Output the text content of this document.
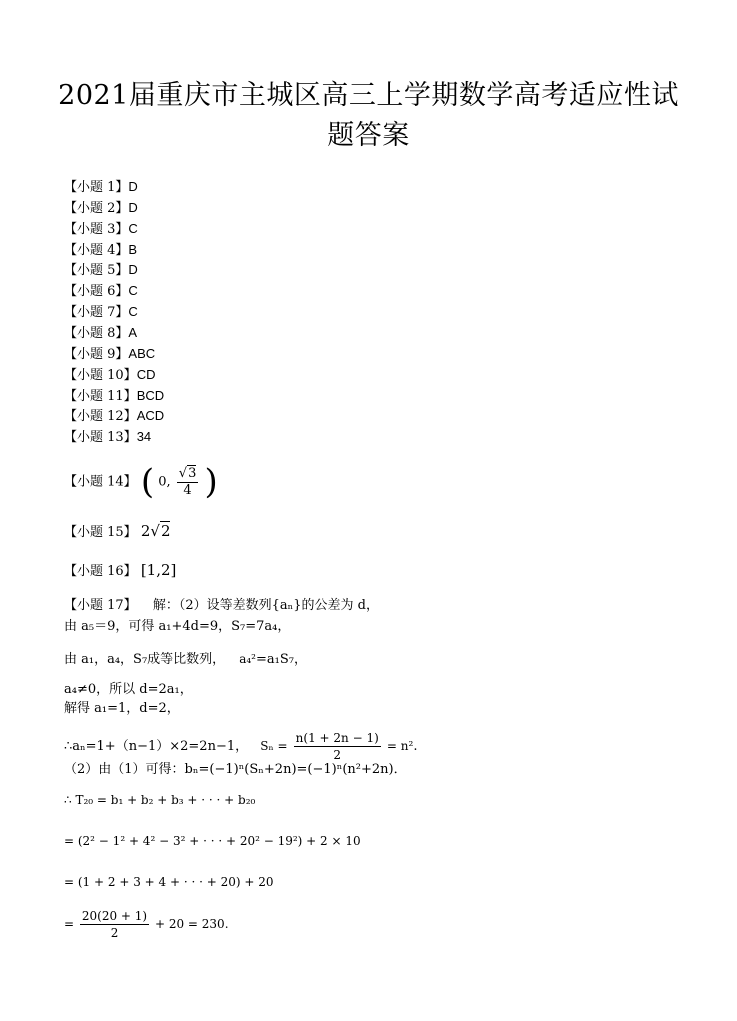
2021届重庆市主城区高三上学期数学高考适应性试
题答案
【小题 1】D
【小题 2】D
【小题 3】C
【小题 4】B
【小题 5】D
【小题 6】C
【小题 7】C
【小题 8】A
【小题 9】ABC
【小题 10】CD
【小题 11】BCD
【小题 12】ACD
【小题 13】34
【小题 14】 ( 0, $\frac{√3}{4}$ )
【小题 15】 2√2
【小题 16】 [1,2]
【小题 17】 解：（2）设等差数列{aₙ}的公差为 d，
由 a₅＝9，可得 a₁+4d=9，S₇=7a₄，
由 a₁，a₄，S₇成等比数列， a₄²=a₁S₇，
a₄≠0，所以 d=2a₁，
解得 a₁=1，d=2，
∴aₙ=1+（n−1）×2=2n−1， $S_n = \frac{n(1 + 2n - 1)}{2} = n^2$.
（2）由（1）可得：bₙ=(−1)ⁿ(Sₙ+2n)=(−1)ⁿ(n²+2n)．
∴ T₂₀ = b₁ + b₂ + b₃ + · · · + b₂₀
= (2² − 1² + 4² − 3² + · · · + 20² − 19²) + 2 × 10
= (1 + 2 + 3 + 4 + · · · + 20) + 20
= $\frac{20(20 + 1)}{2} + 20 = 230$.
